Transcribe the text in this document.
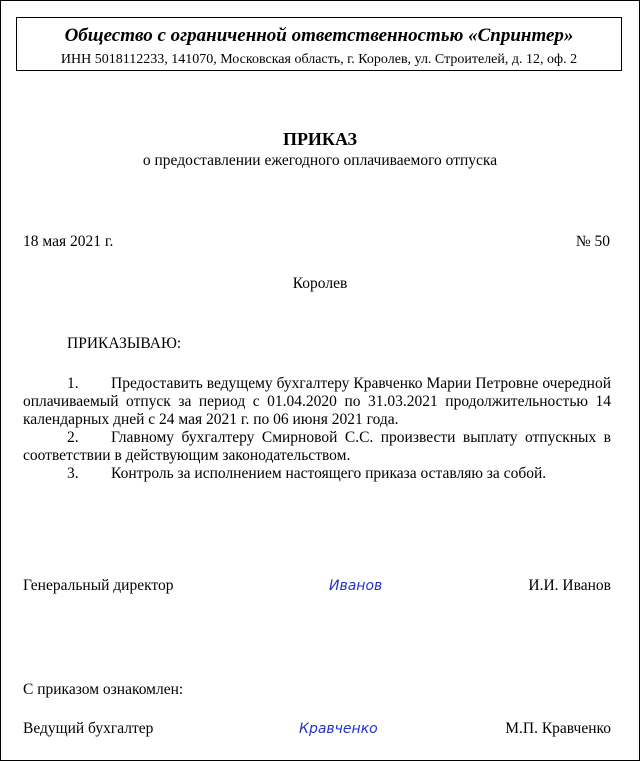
Общество с ограниченной ответственностью «Спринтер»
ИНН 5018112233, 141070, Московская область, г. Королев, ул. Строителей, д. 12, оф. 2
ПРИКАЗ
о предоставлении ежегодного оплачиваемого отпуска
18 мая 2021 г.	№ 50
Королев
ПРИКАЗЫВАЮ:
1. Предоставить ведущему бухгалтеру Кравченко Марии Петровне очередной оплачиваемый отпуск за период с 01.04.2020 по 31.03.2021 продолжительностью 14 календарных дней с 24 мая 2021 г. по 06 июня 2021 года.
2. Главному бухгалтеру Смирновой С.С. произвести выплату отпускных в соответствии в действующим законодательством.
3. Контроль за исполнением настоящего приказа оставляю за собой.
Генеральный директор	Иванов	И.И. Иванов
С приказом ознакомлен:
Ведущий бухгалтер	Кравченко	М.П. Кравченко
